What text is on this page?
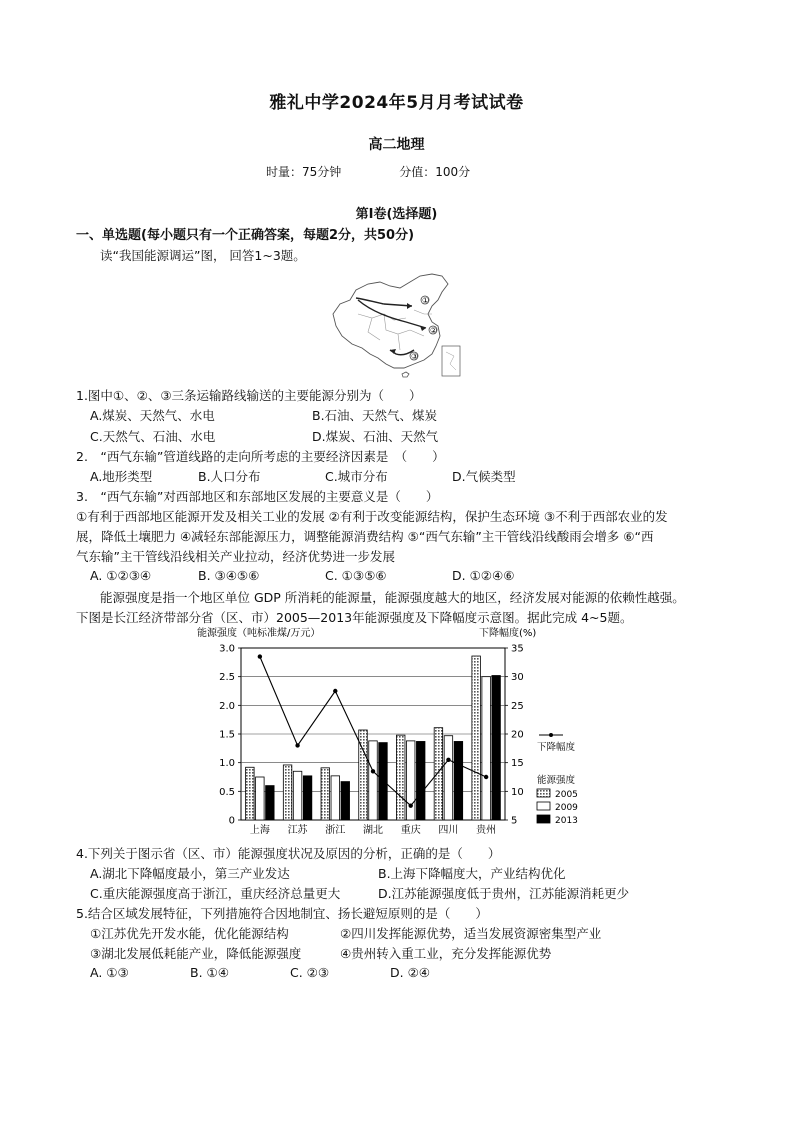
雅礼中学2024年5月月考试试卷
高二地理
时量：75分钟	分值：100分
第Ⅰ卷(选择题)
一、单选题(每小题只有一个正确答案，每题2分，共50分)
读“我国能源调运”图， 回答1~3题。
①
②
③
1.图中①、②、③三条运输路线输送的主要能源分别为（　　）
A.煤炭、天然气、水电	B.石油、天然气、煤炭
C.天然气、石油、水电	D.煤炭、石油、天然气
2.　“西气东输”管道线路的走向所考虑的主要经济因素是　（　　）
A.地形类型	B.人口分布	C.城市分布	D.气候类型
3.　“西气东输”对西部地区和东部地区发展的主要意义是（　　）
①有利于西部地区能源开发及相关工业的发展 ②有利于改变能源结构，保护生态环境 ③不利于西部农业的发
展，降低土壤肥力 ④减轻东部能源压力，调整能源消费结构 ⑤“西气东输”主干管线沿线酸雨会增多 ⑥“西
气东输”主干管线沿线相关产业拉动，经济优势进一步发展
A. ①②③④	B. ③④⑤⑥	C. ①③⑤⑥	D. ①②④⑥
能源强度是指一个地区单位 GDP 所消耗的能源量，能源强度越大的地区，经济发展对能源的依赖性越强。
下图是长江经济带部分省（区、市）2005—2013年能源强度及下降幅度示意图。据此完成 4~5题。
能源强度（吨标准煤/万元）	下降幅度(%)
0
0.5
1.0
1.5
2.0
2.5
3.0
5
10
15
20
25
30
35
上海 江苏 浙江 湖北 重庆 四川 贵州
下降幅度
能源强度
2005
2009
2013
4.下列关于图示省（区、市）能源强度状况及原因的分析，正确的是（　　）
A.湖北下降幅度最小，第三产业发达	B.上海下降幅度大，产业结构优化
C.重庆能源强度高于浙江，重庆经济总量更大	D.江苏能源强度低于贵州，江苏能源消耗更少
5.结合区域发展特征，下列措施符合因地制宜、扬长避短原则的是（　　）
①江苏优先开发水能，优化能源结构	②四川发挥能源优势，适当发展资源密集型产业
③湖北发展低耗能产业，降低能源强度	④贵州转入重工业，充分发挥能源优势
A. ①③	B. ①④	C. ②③	D. ②④
